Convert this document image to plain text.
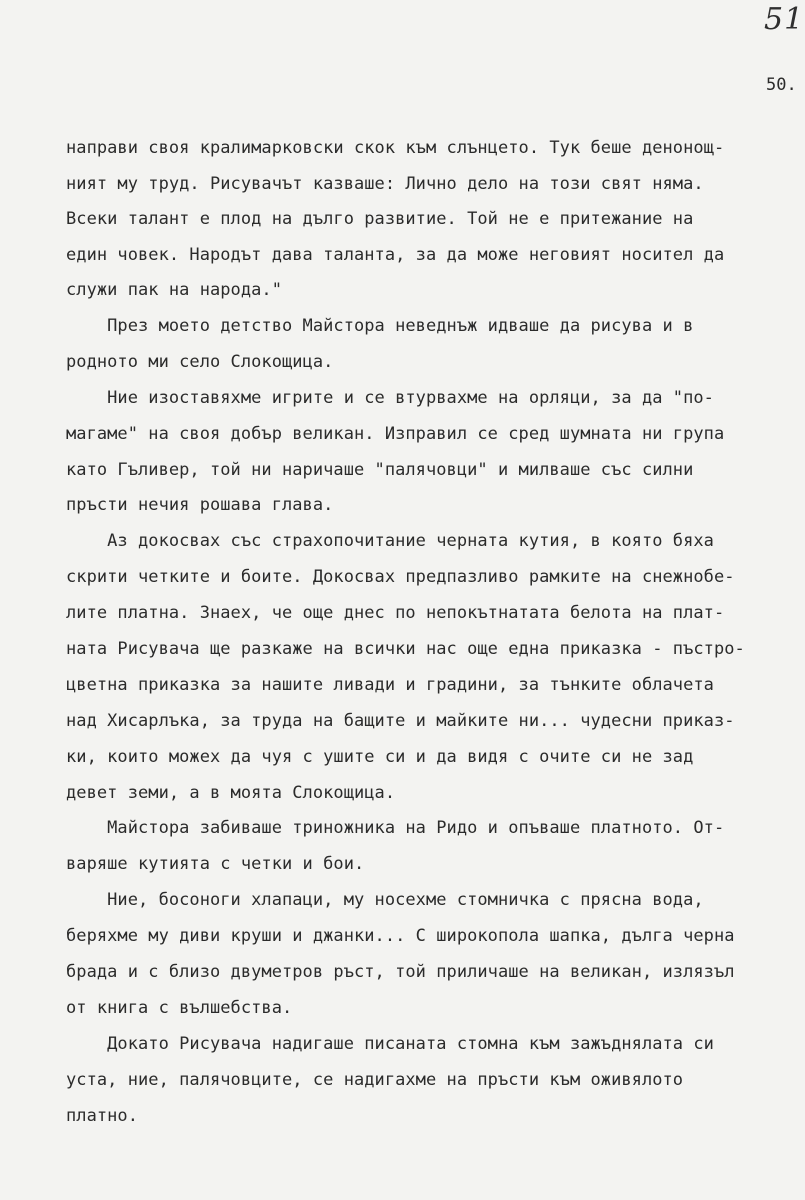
51
50.
направи своя кралимарковски скок към слънцето. Тук беше денонощ-
ният му труд. Рисувачът казваше: Лично дело на този свят няма.
Всеки талант е плод на дълго развитие. Той не е притежание на
един човек. Народът дава таланта, за да може неговият носител да
служи пак на народа."
През моето детство Майстора неведнъж идваше да рисува и в
родното ми село Слокощица.
Ние изоставяхме игрите и се втурвахме на орляци, за да "по-
магаме" на своя добър великан. Изправил се сред шумната ни група
като Гъливер, той ни наричаше "палячовци" и милваше със силни
пръсти нечия рошава глава.
Аз докосвах със страхопочитание черната кутия, в която бяха
скрити четките и боите. Докосвах предпазливо рамките на снежнобе-
лите платна. Знаех, че още днес по непокътнатата белота на плат-
ната Рисувача ще разкаже на всички нас още една приказка - пъстро-
цветна приказка за нашите ливади и градини, за тънките облачета
над Хисарлъка, за труда на бащите и майките ни... чудесни приказ-
ки, които можех да чуя с ушите си и да видя с очите си не зад
девет земи, а в моята Слокощица.
Майстора забиваше триножника на Ридо и опъваше платното. От-
варяше кутията с четки и бои.
Ние, босоноги хлапаци, му носехме стомничка с прясна вода,
беряхме му диви круши и джанки... С широкопола шапка, дълга черна
брада и с близо двуметров ръст, той приличаше на великан, излязъл
от книга с вълшебства.
Докато Рисувача надигаше писаната стомна към зажъднялата си
уста, ние, палячовците, се надигахме на пръсти към оживялото
платно.
